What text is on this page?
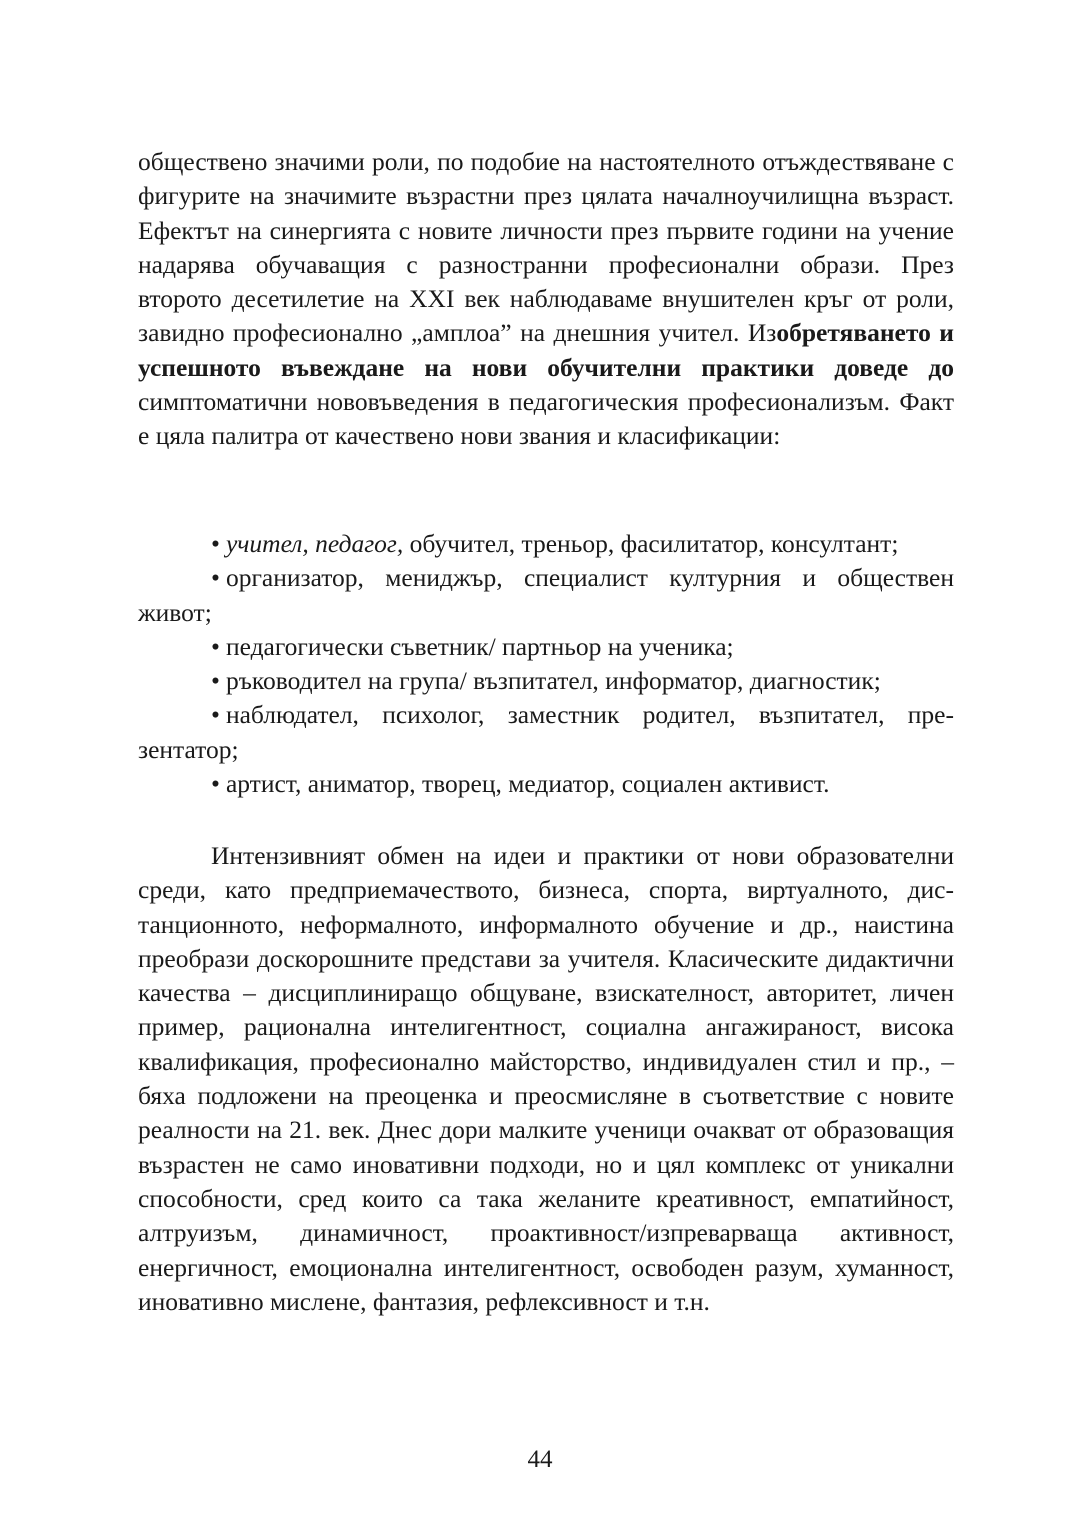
обществено значими роли, по подобие на настоятелното отъждествяване с фигурите на значимите възрастни през цялата началноучилищна възраст. Ефектът на синергията с новите личности през първите години на учение надарява обучаващия с разностранни професионални образи. През второто десетилетие на XXI век наблюдаваме внушителен кръг от роли, завидно професионално „амплоа” на днешния учител. Изобретяването и успешното въвеждане на нови обучителни практики доведе до симптоматични нововъведения в педагогическия професионализъм. Факт е цяла палитра от качествено нови звания и класификации:

• учител, педагог, обучител, треньор, фасилитатор, консултант;
• организатор, мениджър, специалист културния и обществен живот;
• педагогически съветник/ партньор на ученика;
• ръководител на група/ възпитател, информатор, диагностик;
• наблюдател, психолог, заместник родител, възпитател, презентатор;
• артист, аниматор, творец, медиатор, социален активист.

Интензивният обмен на идеи и практики от нови образователни среди, като предприемачеството, бизнеса, спорта, виртуалното, дистанционното, неформалното, информалното обучение и др., наистина преобрази доскорошните представи за учителя. Класическите дидактични качества – дисциплиниращо общуване, взискателност, авторитет, личен пример, рационална интелигентност, социална ангажираност, висока квалификация, професионално майсторство, индивидуален стил и пр., – бяха подложени на преоценка и преосмисляне в съответствие с новите реалности на 21. век. Днес дори малките ученици очакват от образоващия възрастен не само иновативни подходи, но и цял комплекс от уникални способности, сред които са така желаните креативност, емпатийност, алтруизъм, динамичност, проактивност/изпреварваща активност, енергичност, емоционална интелигентност, освободен разум, хуманност, иновативно мислене, фантазия, рефлексивност и т.н.

44
